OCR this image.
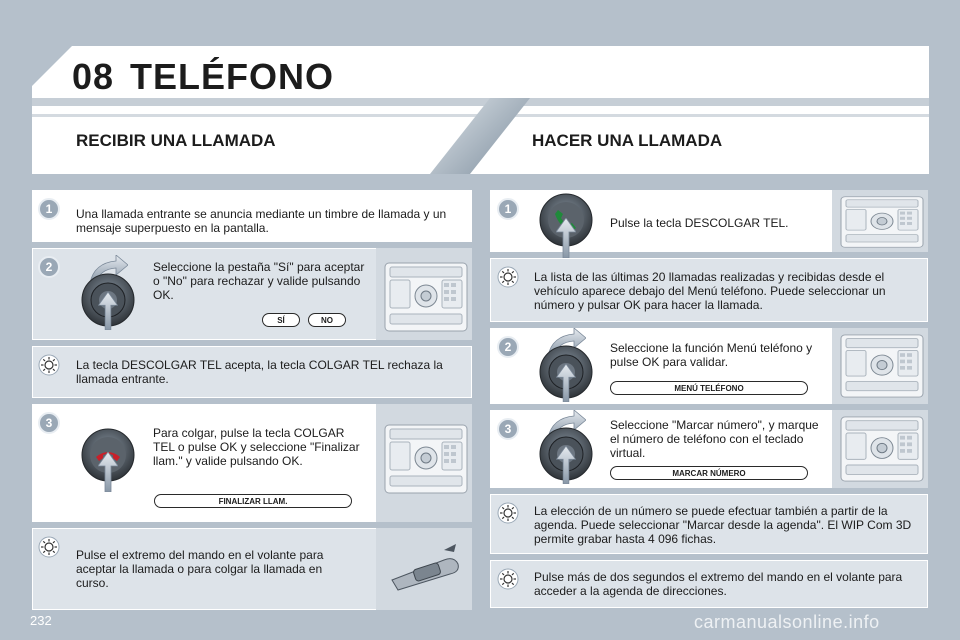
08 TELÉFONO
RECIBIR UNA LLAMADA	HACER UNA LLAMADA
1	Una llamada entrante se anuncia mediante un timbre de llamada y un mensaje superpuesto en la pantalla.
2	Seleccione la pestaña "Sí" para aceptar o "No" para rechazar y valide pulsando OK.
SÍ	NO
La tecla DESCOLGAR TEL acepta, la tecla COLGAR TEL rechaza la llamada entrante.
3
Para colgar, pulse la tecla COLGAR TEL o pulse OK y seleccione "Finalizar llam." y valide pulsando OK.
FINALIZAR LLAM.
Pulse el extremo del mando en el volante para aceptar la llamada o para colgar la llamada en curso.
1
Pulse la tecla DESCOLGAR TEL.
La lista de las últimas 20 llamadas realizadas y recibidas desde el vehículo aparece debajo del Menú teléfono. Puede seleccionar un número y pulsar OK para hacer la llamada.
2	Seleccione la función Menú teléfono y pulse OK para validar.
MENÚ TELÉFONO
3	Seleccione "Marcar número", y marque el número de teléfono con el teclado virtual.
MARCAR NÚMERO
La elección de un número se puede efectuar también a partir de la agenda. Puede seleccionar "Marcar desde la agenda". El WIP Com 3D permite grabar hasta 4 096 fichas.
Pulse más de dos segundos el extremo del mando en el volante para acceder a la agenda de direcciones.
232	carmanualsonline.info
